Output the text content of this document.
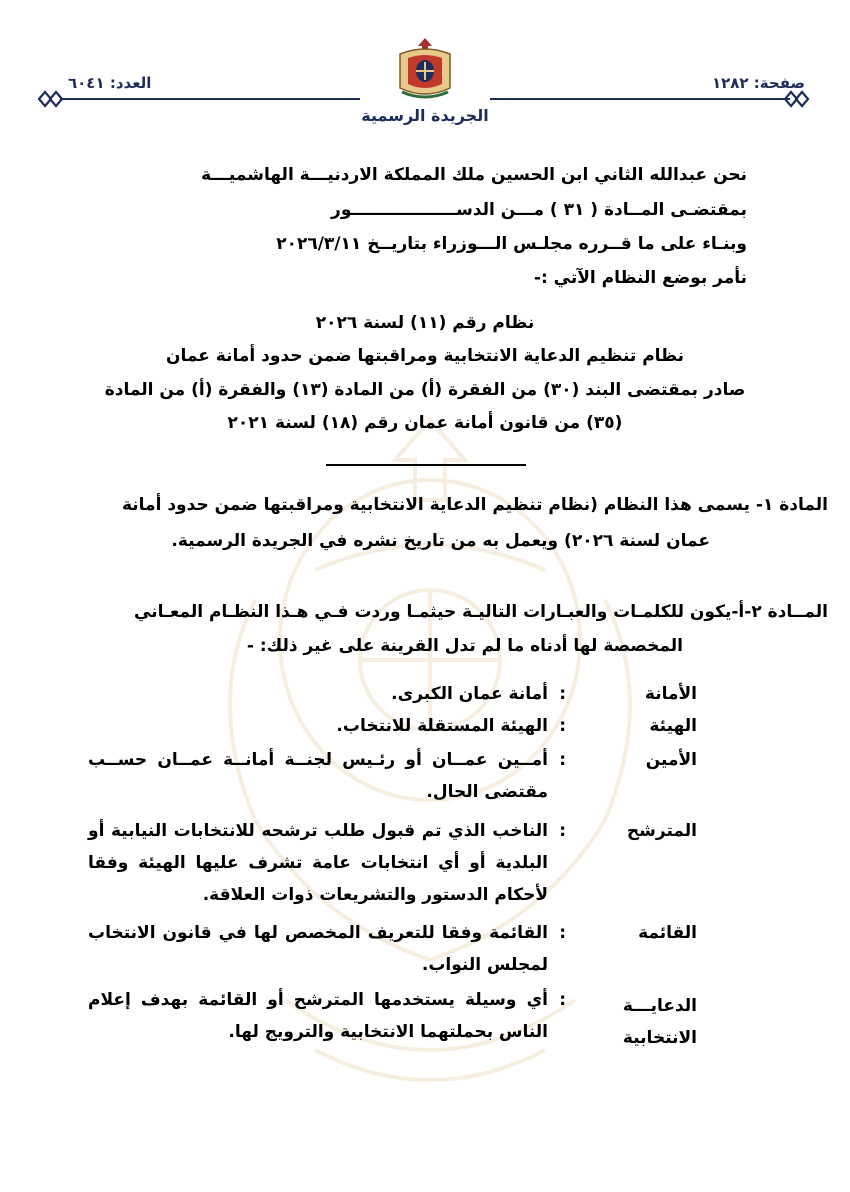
العدد: ٦٠٤١	صفحة: ١٢٨٢
الجريدة الرسمية
نحن عبدالله الثاني ابن الحسين ملك المملكة الاردنيـــة الهاشميـــة
بمقتضـى المــادة ( ٣١ ) مـــن الدســــــــــــــــــور
وبنـاء على ما قــرره مجلـس الـــوزراء بتاريــخ ٢٠٢٦/٣/١١
نأمر بوضع النظام الآتي :-
نظام رقم (١١) لسنة ٢٠٢٦
نظام تنظيم الدعاية الانتخابية ومراقبتها ضمن حدود أمانة عمان
صادر بمقتضى البند (٣٠) من الفقرة (أ) من المادة (١٣) والفقرة (أ) من المادة
(٣٥) من قانون أمانة عمان رقم (١٨) لسنة ٢٠٢١
المادة ١- يسمى هذا النظام (نظام تنظيم الدعاية الانتخابية ومراقبتها ضمن حدود أمانة
عمان لسنة ٢٠٢٦) ويعمل به من تاريخ نشره في الجريدة الرسمية.
المــادة ٢-أ-يكون للكلمـات والعبـارات التاليـة حيثمـا وردت فـي هـذا النظـام المعـاني
المخصصة لها أدناه ما لم تدل القرينة على غير ذلك: -
الأمانة
:
أمانة عمان الكبرى.
الهيئة
:
الهيئة المستقلة للانتخاب.
الأمين
:
أمــين عمــان أو رئـيس لجنــة أمانــة عمــان حســب مقتضى الحال.
المترشح
:
الناخب الذي تم قبول طلب ترشحه للانتخابات النيابية أو البلدية أو أي انتخابات عامة تشرف عليها الهيئة وفقا لأحكام الدستور والتشريعات ذوات العلاقة.
القائمة
:
القائمة وفقا للتعريف المخصص لها في قانون الانتخاب لمجلس النواب.
الدعايـــة الانتخابية
:
أي وسيلة يستخدمها المترشح أو القائمة بهدف إعلام الناس بحملتهما الانتخابية والترويج لها.
